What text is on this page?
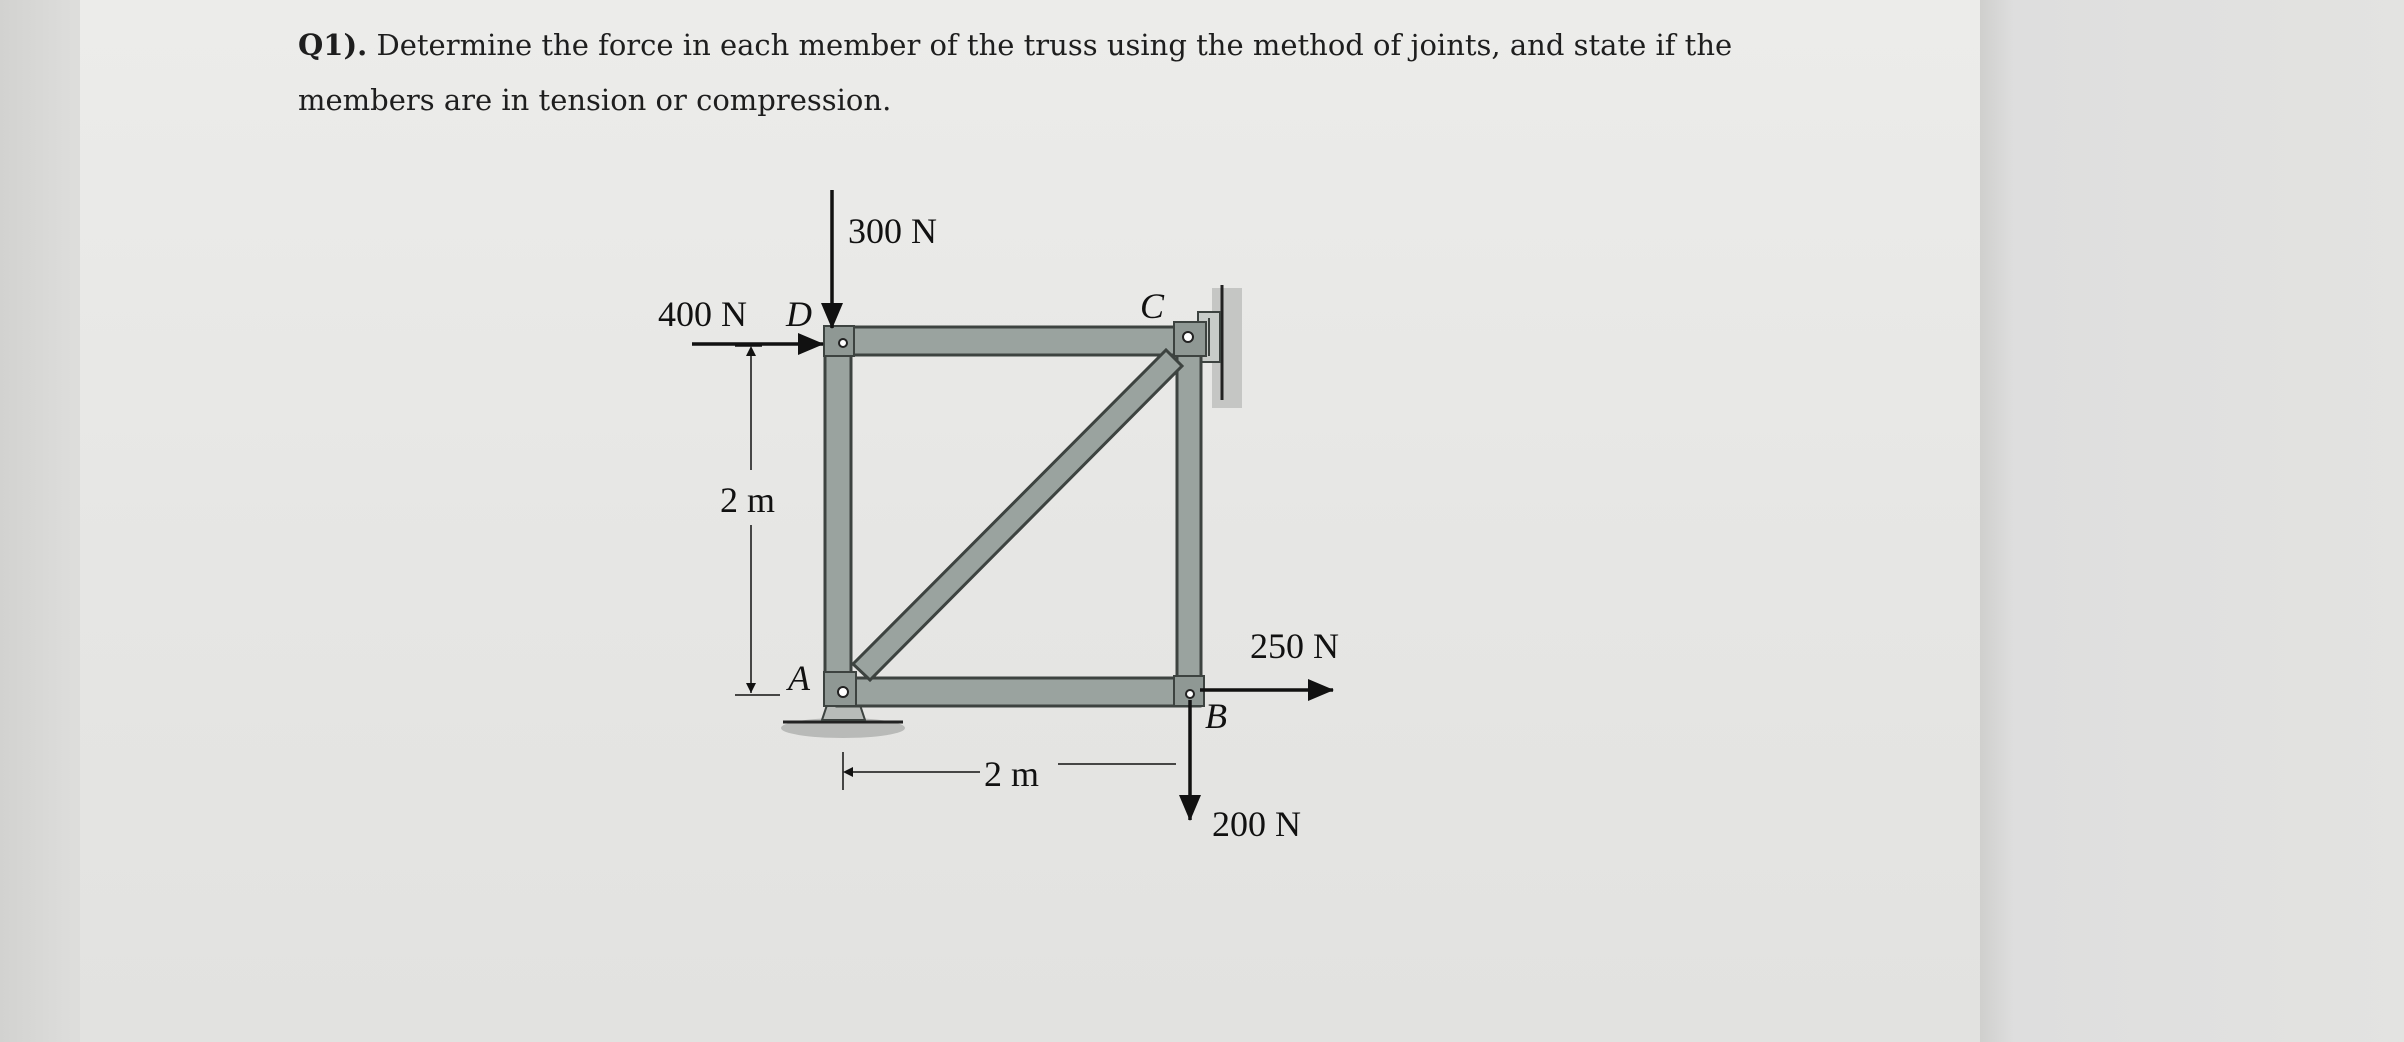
Q1). Determine the force in each member of the truss using the method of joints, and state if the members are in tension or compression.

300 N
400 N
250 N
200 N
D	C
A
B
2 m
2 m
